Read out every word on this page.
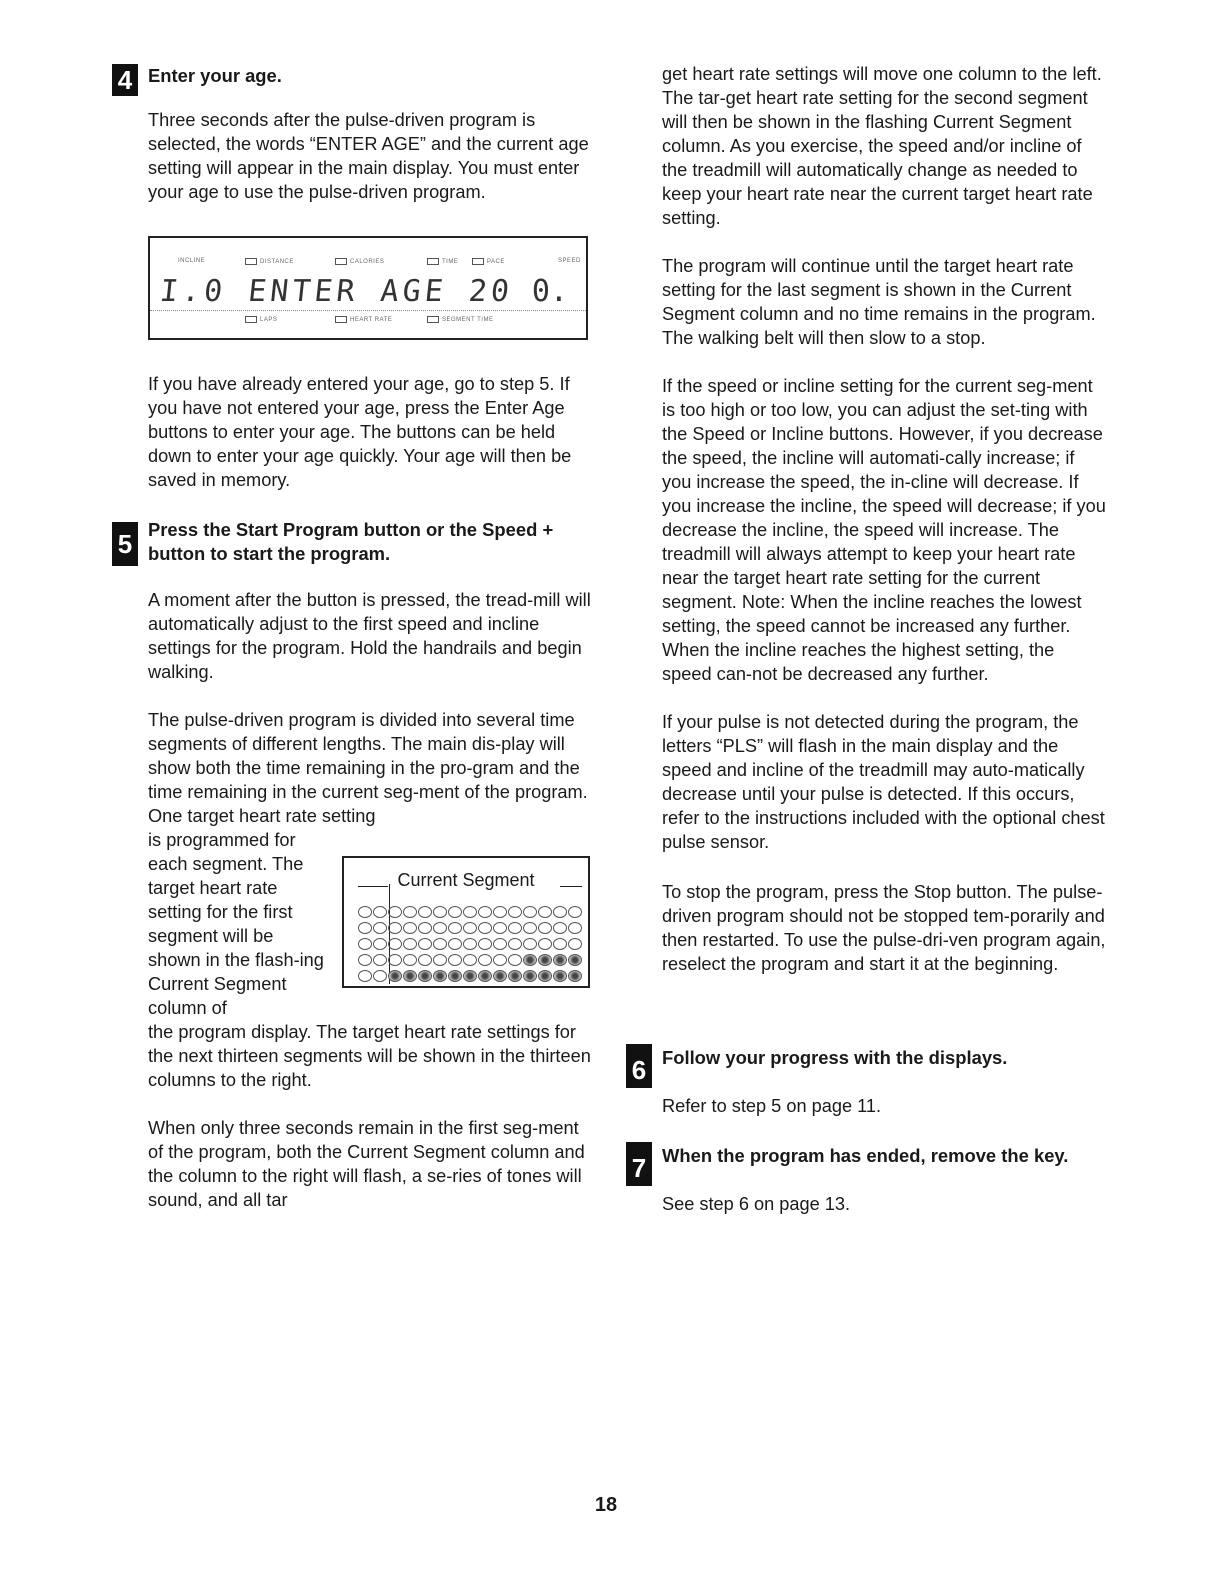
4 Enter your age.

Three seconds after the pulse-driven program is selected, the words “ENTER AGE” and the current age setting will appear in the main display. You must enter your age to use the pulse-driven program.

INCLINE	DISTANCE	CALORIES	TIME	PACE	SPEED
I.0 ENTER AGE 20 0.
LAPS	HEART RATE	SEGMENT TIME

If you have already entered your age, go to step 5. If you have not entered your age, press the Enter Age buttons to enter your age. The buttons can be held down to enter your age quickly. Your age will then be saved in memory.

5 Press the Start Program button or the Speed + button to start the program.

A moment after the button is pressed, the tread-mill will automatically adjust to the first speed and incline settings for the program. Hold the handrails and begin walking.

The pulse-driven program is divided into several time segments of different lengths. The main dis-play will show both the time remaining in the pro-gram and the time remaining in the current seg-ment of the program. One target heart rate setting
is programmed for each segment. The target heart rate setting for the first segment will be shown in the flash-ing Current Segment column of
the program display. The target heart rate settings for the next thirteen segments will be shown in the thirteen columns to the right.

Current Segment

When only three seconds remain in the first seg-ment of the program, both the Current Segment column and the column to the right will flash, a se-ries of tones will sound, and all tar

get heart rate settings will move one column to the left. The tar-get heart rate setting for the second segment will then be shown in the flashing Current Segment column. As you exercise, the speed and/or incline of the treadmill will automatically change as needed to keep your heart rate near the current target heart rate setting.

The program will continue until the target heart rate setting for the last segment is shown in the Current Segment column and no time remains in the program. The walking belt will then slow to a stop.

If the speed or incline setting for the current seg-ment is too high or too low, you can adjust the set-ting with the Speed or Incline buttons. However, if you decrease the speed, the incline will automati-cally increase; if you increase the speed, the in-cline will decrease. If you increase the incline, the speed will decrease; if you decrease the incline, the speed will increase. The treadmill will always attempt to keep your heart rate near the target heart rate setting for the current segment. Note: When the incline reaches the lowest setting, the speed cannot be increased any further. When the incline reaches the highest setting, the speed can-not be decreased any further.

If your pulse is not detected during the program, the letters “PLS” will flash in the main display and the speed and incline of the treadmill may auto-matically decrease until your pulse is detected. If this occurs, refer to the instructions included with the optional chest pulse sensor.

To stop the program, press the Stop button. The pulse-driven program should not be stopped tem-porarily and then restarted. To use the pulse-dri-ven program again, reselect the program and start it at the beginning.

6 Follow your progress with the displays.

Refer to step 5 on page 11.

7 When the program has ended, remove the key.

See step 6 on page 13.

18
